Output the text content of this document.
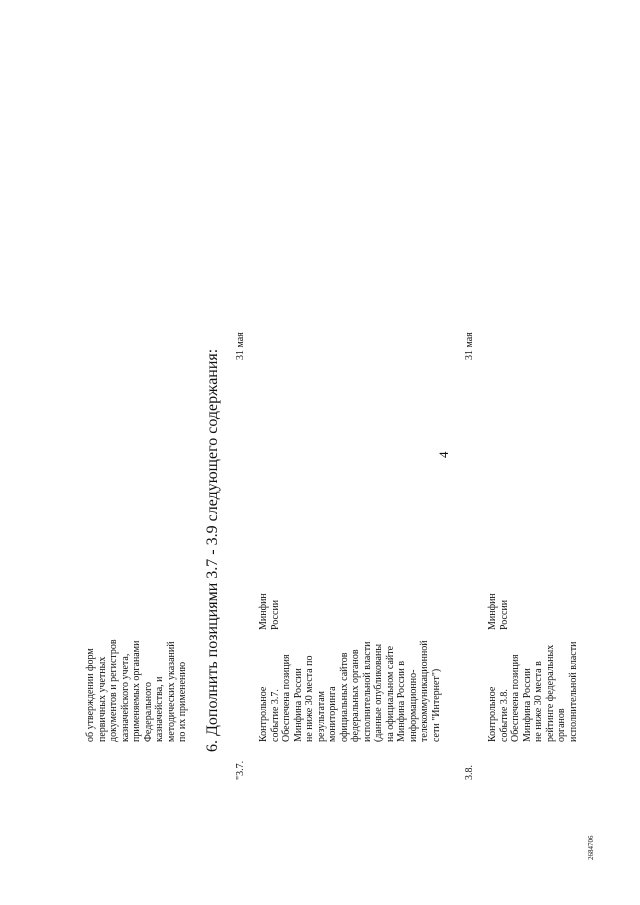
4

об утверждении форм первичных учетных документов и регистров казначейского учета, применяемых органами Федерального казначейства, и методических указаний по их применению

6. Дополнить позициями 3.7 - 3.9 следующего содержания:
"3.7.

Контрольное событие 3.7. Обеспечена позиция Минфина России не ниже 30 места по результатам мониторинга официальных сайтов федеральных органов исполнительной власти (данные опубликованы на официальном сайте Минфина России в информационно- телекоммуникационной сети "Интернет")

Минфин России

31 мая
3.8.

Контрольное событие 3.8. Обеспечена позиция Минфина России не ниже 30 места в рейтинге федеральных органов исполнительной власти

Минфин России

31 мая
2684706
